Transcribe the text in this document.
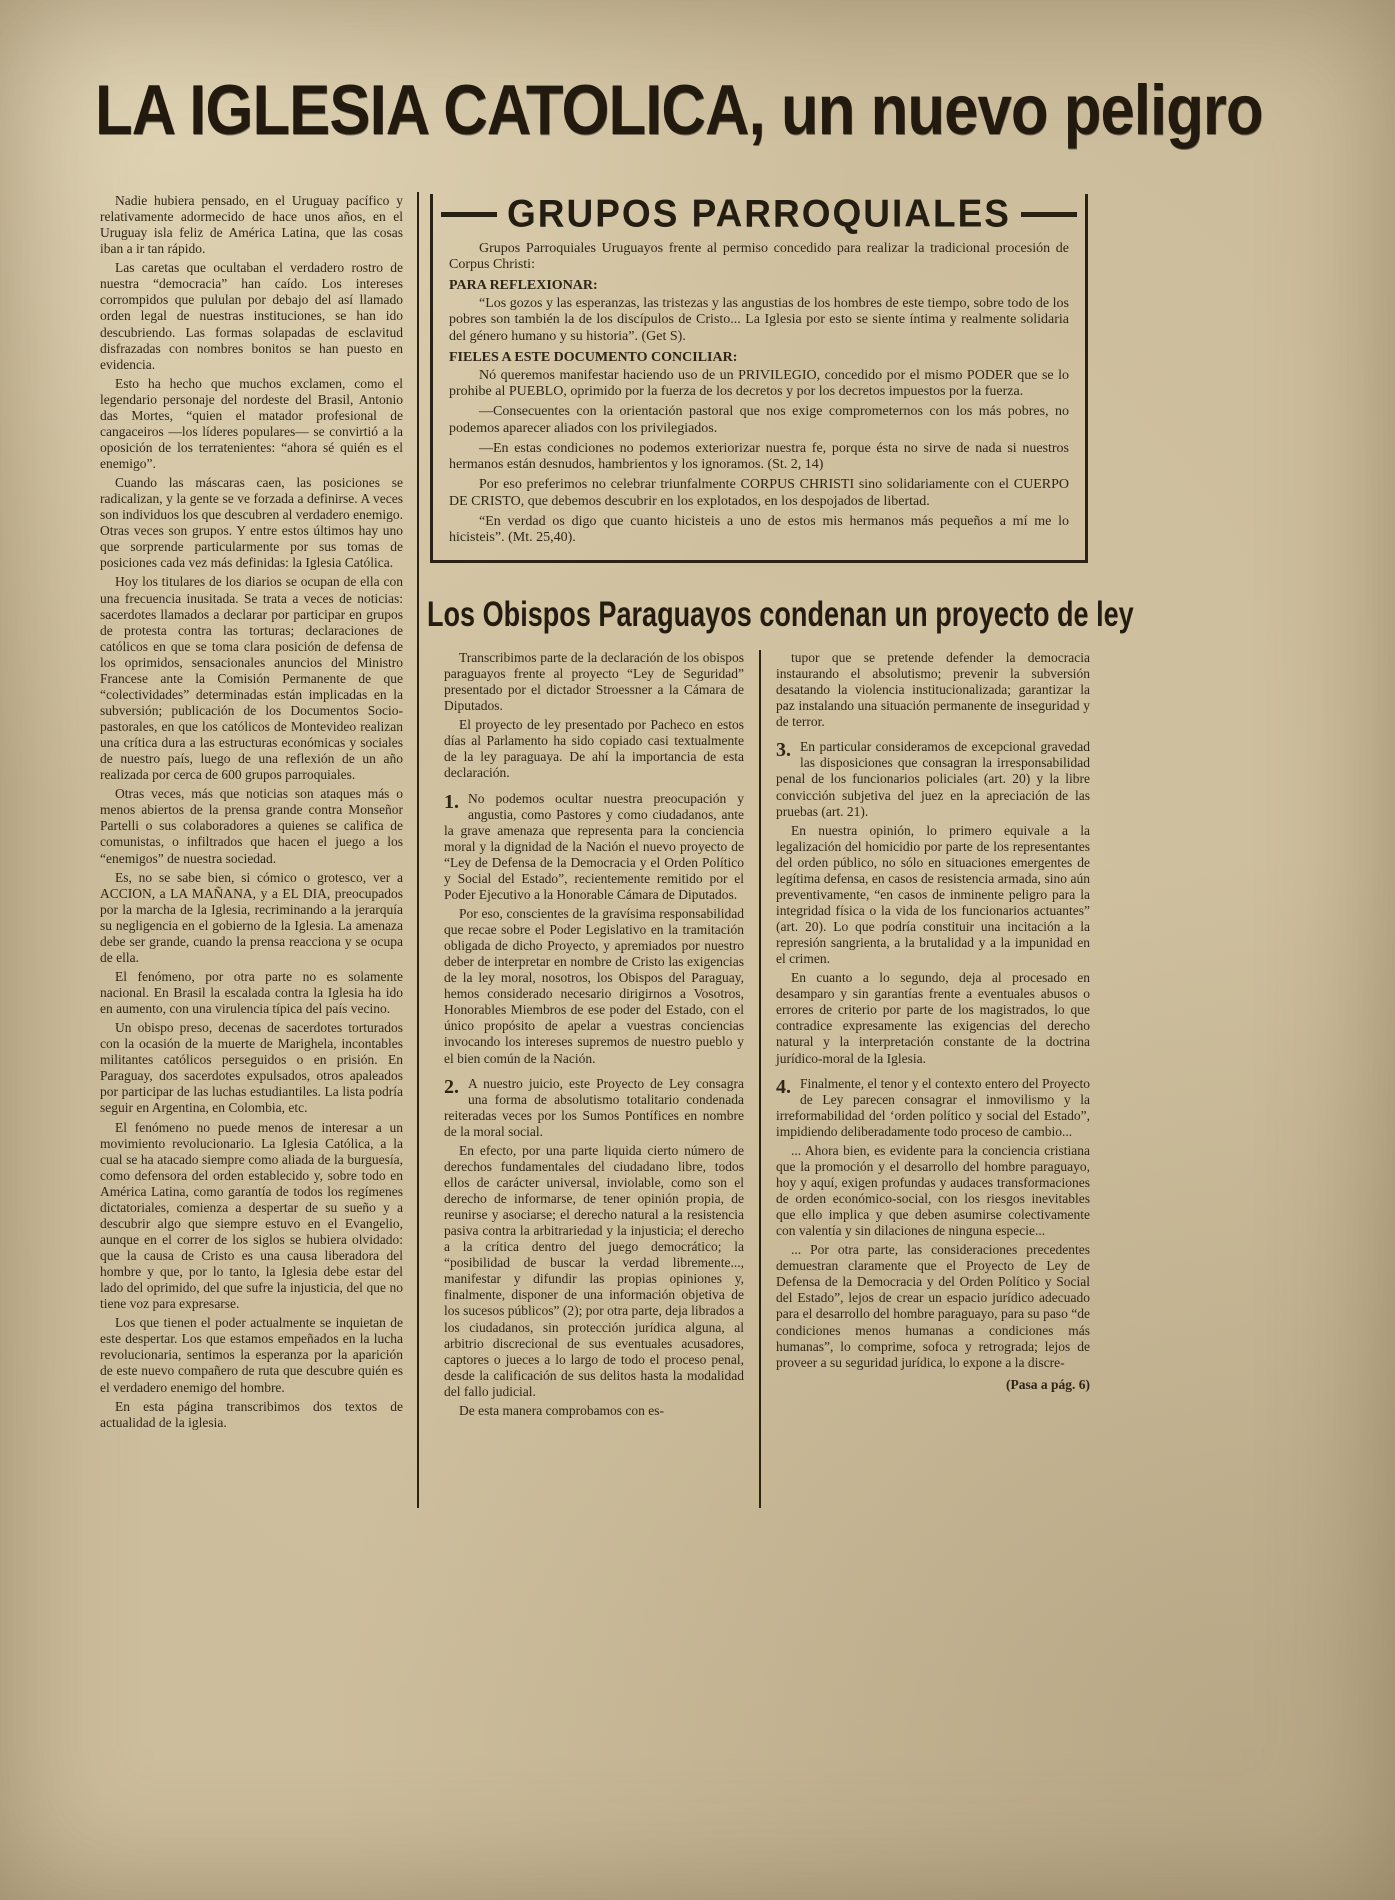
LA IGLESIA CATOLICA, un nuevo peligro

Nadie hubiera pensado, en el Uruguay pacífico y relativamente adormecido de hace unos años, en el Uruguay isla feliz de América Latina, que las cosas iban a ir tan rápido.

Las caretas que ocultaban el verdadero rostro de nuestra “democracia” han caído. Los intereses corrompidos que pululan por debajo del así llamado orden legal de nuestras instituciones, se han ido descubriendo. Las formas solapadas de esclavitud disfrazadas con nombres bonitos se han puesto en evidencia.

Esto ha hecho que muchos exclamen, como el legendario personaje del nordeste del Brasil, Antonio das Mortes, “quien el matador profesional de cangaceiros —los líderes populares— se convirtió a la oposición de los terratenientes: “ahora sé quién es el enemigo”.

Cuando las máscaras caen, las posiciones se radicalizan, y la gente se ve forzada a definirse. A veces son individuos los que descubren al verdadero enemigo. Otras veces son grupos. Y entre estos últimos hay uno que sorprende particularmente por sus tomas de posiciones cada vez más definidas: la Iglesia Católica.

Hoy los titulares de los diarios se ocupan de ella con una frecuencia inusitada. Se trata a veces de noticias: sacerdotes llamados a declarar por participar en grupos de protesta contra las torturas; declaraciones de católicos en que se toma clara posición de defensa de los oprimidos, sensacionales anuncios del Ministro Francese ante la Comisión Permanente de que “colectividades” determinadas están implicadas en la subversión; publicación de los Documentos Socio-pastorales, en que los católicos de Montevideo realizan una crítica dura a las estructuras económicas y sociales de nuestro país, luego de una reflexión de un año realizada por cerca de 600 grupos parroquiales.

Otras veces, más que noticias son ataques más o menos abiertos de la prensa grande contra Monseñor Partelli o sus colaboradores a quienes se califica de comunistas, o infiltrados que hacen el juego a los “enemigos” de nuestra sociedad.

Es, no se sabe bien, si cómico o grotesco, ver a ACCION, a LA MAÑANA, y a EL DIA, preocupados por la marcha de la Iglesia, recriminando a la jerarquía su negligencia en el gobierno de la Iglesia. La amenaza debe ser grande, cuando la prensa reacciona y se ocupa de ella.

El fenómeno, por otra parte no es solamente nacional. En Brasil la escalada contra la Iglesia ha ido en aumento, con una virulencia típica del país vecino.

Un obispo preso, decenas de sacerdotes torturados con la ocasión de la muerte de Marighela, incontables militantes católicos perseguidos o en prisión. En Paraguay, dos sacerdotes expulsados, otros apaleados por participar de las luchas estudiantiles. La lista podría seguir en Argentina, en Colombia, etc.

El fenómeno no puede menos de interesar a un movimiento revolucionario. La Iglesia Católica, a la cual se ha atacado siempre como aliada de la burguesía, como defensora del orden establecido y, sobre todo en América Latina, como garantía de todos los regímenes dictatoriales, comienza a despertar de su sueño y a descubrir algo que siempre estuvo en el Evangelio, aunque en el correr de los siglos se hubiera olvidado: que la causa de Cristo es una causa liberadora del hombre y que, por lo tanto, la Iglesia debe estar del lado del oprimido, del que sufre la injusticia, del que no tiene voz para expresarse.

Los que tienen el poder actualmente se inquietan de este despertar. Los que estamos empeñados en la lucha revolucionaria, sentimos la esperanza por la aparición de este nuevo compañero de ruta que descubre quién es el verdadero enemigo del hombre.

En esta página transcribimos dos textos de actualidad de la iglesia.

GRUPOS PARROQUIALES

Grupos Parroquiales Uruguayos frente al permiso concedido para realizar la tradicional procesión de Corpus Christi:

PARA REFLEXIONAR:

“Los gozos y las esperanzas, las tristezas y las angustias de los hombres de este tiempo, sobre todo de los pobres son también la de los discípulos de Cristo... La Iglesia por esto se siente íntima y realmente solidaria del género humano y su historia”. (Get S).

FIELES A ESTE DOCUMENTO CONCILIAR:

Nó queremos manifestar haciendo uso de un PRIVILEGIO, concedido por el mismo PODER que se lo prohibe al PUEBLO, oprimido por la fuerza de los decretos y por los decretos impuestos por la fuerza.

—Consecuentes con la orientación pastoral que nos exige comprometernos con los más pobres, no podemos aparecer aliados con los privilegiados.

—En estas condiciones no podemos exteriorizar nuestra fe, porque ésta no sirve de nada si nuestros hermanos están desnudos, hambrientos y los ignoramos. (St. 2, 14)

Por eso preferimos no celebrar triunfalmente CORPUS CHRISTI sino solidariamente con el CUERPO DE CRISTO, que debemos descubrir en los explotados, en los despojados de libertad.

“En verdad os digo que cuanto hicisteis a uno de estos mis hermanos más pequeños a mí me lo hicisteis”. (Mt. 25,40).

Los Obispos Paraguayos condenan un proyecto de ley

Transcribimos parte de la declaración de los obispos paraguayos frente al proyecto “Ley de Seguridad” presentado por el dictador Stroessner a la Cámara de Diputados.

El proyecto de ley presentado por Pacheco en estos días al Parlamento ha sido copiado casi textualmente de la ley paraguaya. De ahí la importancia de esta declaración.

1. No podemos ocultar nuestra preocupación y angustia, como Pastores y como ciudadanos, ante la grave amenaza que representa para la conciencia moral y la dignidad de la Nación el nuevo proyecto de “Ley de Defensa de la Democracia y el Orden Político y Social del Estado”, recientemente remitido por el Poder Ejecutivo a la Honorable Cámara de Diputados.

Por eso, conscientes de la gravísima responsabilidad que recae sobre el Poder Legislativo en la tramitación obligada de dicho Proyecto, y apremiados por nuestro deber de interpretar en nombre de Cristo las exigencias de la ley moral, nosotros, los Obispos del Paraguay, hemos considerado necesario dirigirnos a Vosotros, Honorables Miembros de ese poder del Estado, con el único propósito de apelar a vuestras conciencias invocando los intereses supremos de nuestro pueblo y el bien común de la Nación.

2. A nuestro juicio, este Proyecto de Ley consagra una forma de absolutismo totalitario condenada reiteradas veces por los Sumos Pontífices en nombre de la moral social.

En efecto, por una parte liquida cierto número de derechos fundamentales del ciudadano libre, todos ellos de carácter universal, inviolable, como son el derecho de informarse, de tener opinión propia, de reunirse y asociarse; el derecho natural a la resistencia pasiva contra la arbitrariedad y la injusticia; el derecho a la crítica dentro del juego democrático; la “posibilidad de buscar la verdad libremente..., manifestar y difundir las propias opiniones y, finalmente, disponer de una información objetiva de los sucesos públicos” (2); por otra parte, deja librados a los ciudadanos, sin protección jurídica alguna, al arbitrio discrecional de sus eventuales acusadores, captores o jueces a lo largo de todo el proceso penal, desde la calificación de sus delitos hasta la modalidad del fallo judicial.

De esta manera comprobamos con es-

tupor que se pretende defender la democracia instaurando el absolutismo; prevenir la subversión desatando la violencia institucionalizada; garantizar la paz instalando una situación permanente de inseguridad y de terror.

3. En particular consideramos de excepcional gravedad las disposiciones que consagran la irresponsabilidad penal de los funcionarios policiales (art. 20) y la libre convicción subjetiva del juez en la apreciación de las pruebas (art. 21).

En nuestra opinión, lo primero equivale a la legalización del homicidio por parte de los representantes del orden público, no sólo en situaciones emergentes de legítima defensa, en casos de resistencia armada, sino aún preventivamente, “en casos de inminente peligro para la integridad física o la vida de los funcionarios actuantes” (art. 20). Lo que podría constituir una incitación a la represión sangrienta, a la brutalidad y a la impunidad en el crimen.

En cuanto a lo segundo, deja al procesado en desamparo y sin garantías frente a eventuales abusos o errores de criterio por parte de los magistrados, lo que contradice expresamente las exigencias del derecho natural y la interpretación constante de la doctrina jurídico-moral de la Iglesia.

4. Finalmente, el tenor y el contexto entero del Proyecto de Ley parecen consagrar el inmovilismo y la irreformabilidad del ‘orden político y social del Estado”, impidiendo deliberadamente todo proceso de cambio...

... Ahora bien, es evidente para la conciencia cristiana que la promoción y el desarrollo del hombre paraguayo, hoy y aquí, exigen profundas y audaces transformaciones de orden económico-social, con los riesgos inevitables que ello implica y que deben asumirse colectivamente con valentía y sin dilaciones de ninguna especie...

... Por otra parte, las consideraciones precedentes demuestran claramente que el Proyecto de Ley de Defensa de la Democracia y del Orden Político y Social del Estado”, lejos de crear un espacio jurídico adecuado para el desarrollo del hombre paraguayo, para su paso “de condiciones menos humanas a condiciones más humanas”, lo comprime, sofoca y retrograda; lejos de proveer a su seguridad jurídica, lo expone a la discre-

(Pasa a pág. 6)
